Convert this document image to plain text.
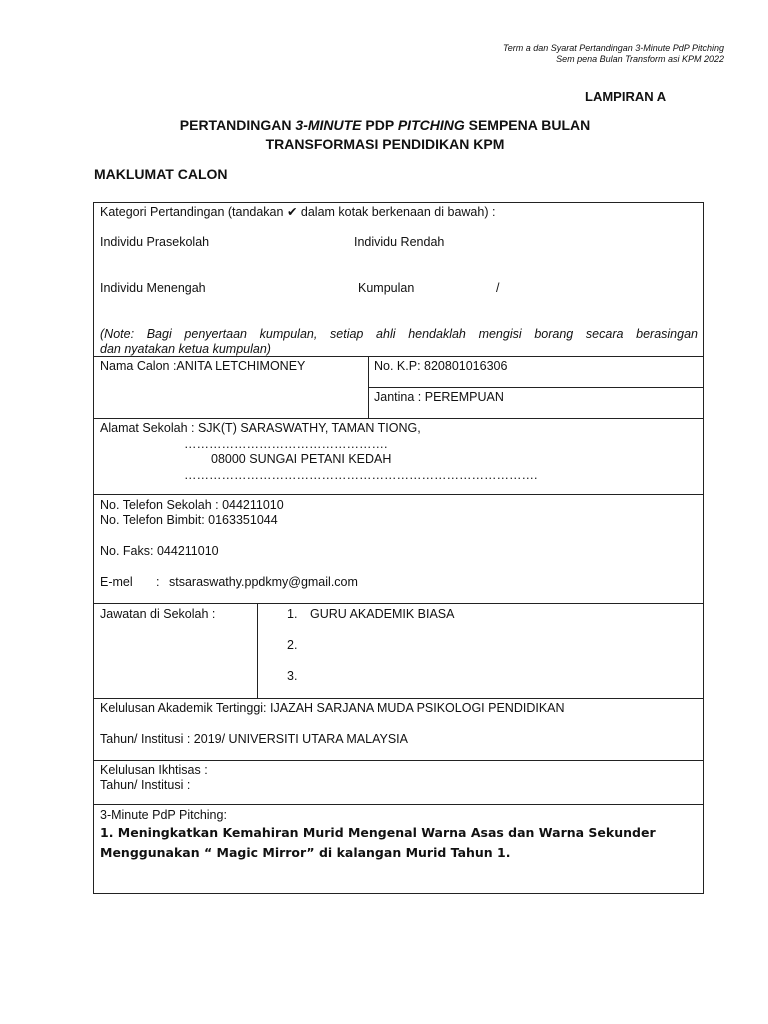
Term a dan Syarat Pertandingan 3-Minute PdP Pitching
Sem pena Bulan Transform asi KPM 2022
LAMPIRAN A
PERTANDINGAN 3-MINUTE PDP PITCHING SEMPENA BULAN
TRANSFORMASI PENDIDIKAN KPM
MAKLUMAT CALON
Kategori Pertandingan (tandakan ✔ dalam kotak berkenaan di bawah) :
Individu Prasekolah	Individu Rendah
Individu Menengah	Kumpulan	/
(Note: Bagi penyertaan kumpulan, setiap ahli hendaklah mengisi borang secara berasingan
dan nyatakan ketua kumpulan)
Nama Calon :ANITA LETCHIMONEY	No. K.P: 820801016306
Jantina : PEREMPUAN
Alamat Sekolah : SJK(T) SARASWATHY, TAMAN TIONG,
………………………………………….
08000 SUNGAI PETANI KEDAH
………………………………………………………………………….
No. Telefon Sekolah : 044211010
No. Telefon Bimbit: 0163351044
No. Faks: 044211010
E-mel : stsaraswathy.ppdkmy@gmail.com
Jawatan di Sekolah :	1. GURU AKADEMIK BIASA
2.
3.
Kelulusan Akademik Tertinggi: IJAZAH SARJANA MUDA PSIKOLOGI PENDIDIKAN
Tahun/ Institusi : 2019/ UNIVERSITI UTARA MALAYSIA
Kelulusan Ikhtisas :
Tahun/ Institusi :
3-Minute PdP Pitching:
1. Meningkatkan Kemahiran Murid Mengenal Warna Asas dan Warna Sekunder Menggunakan “ Magic Mirror” di kalangan Murid Tahun 1.
